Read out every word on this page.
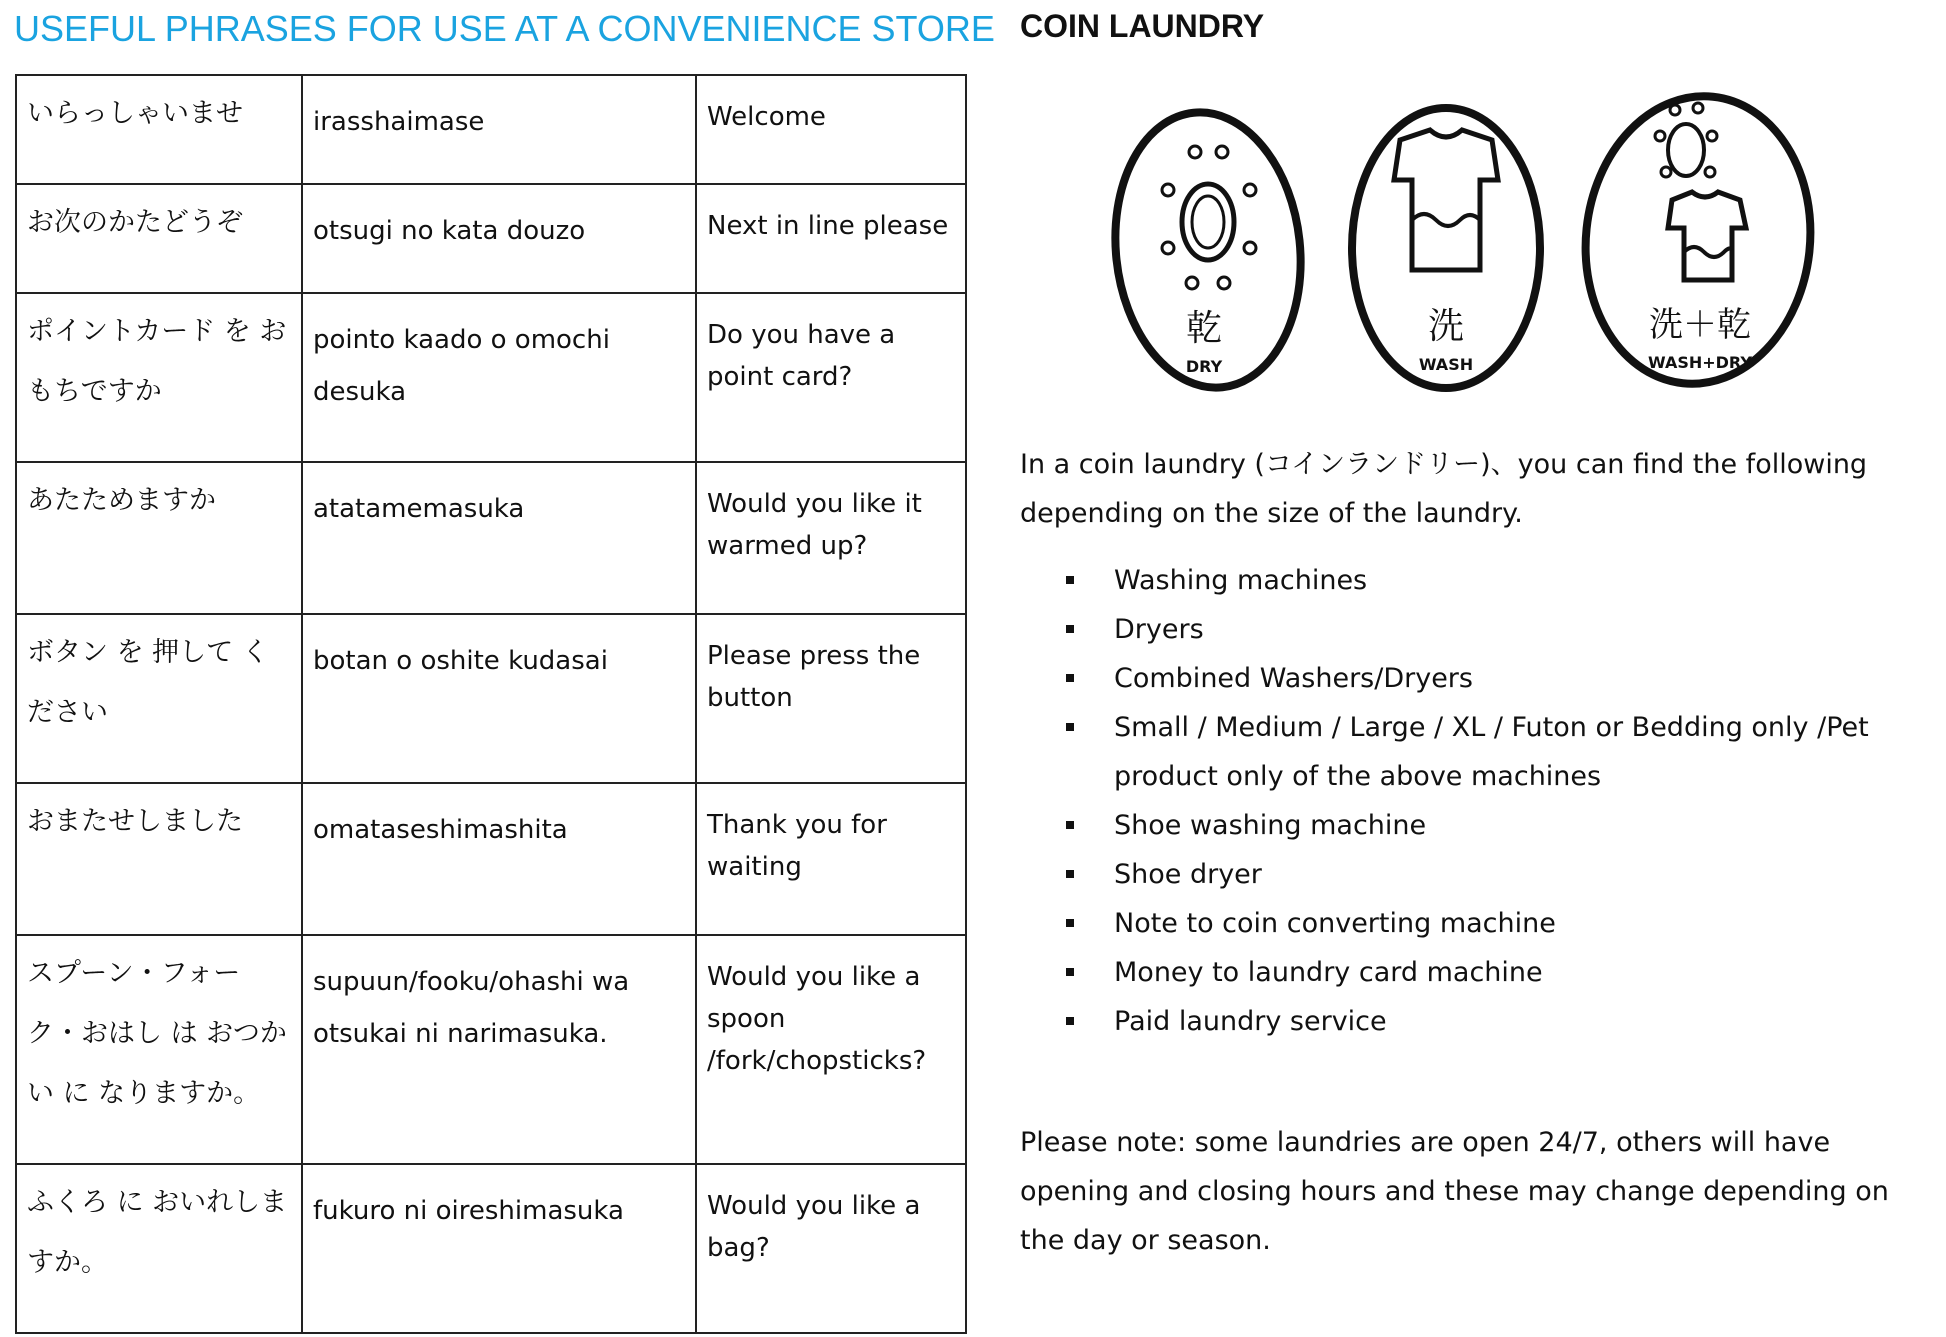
USEFUL PHRASES FOR USE AT A CONVENIENCE STORE
いらっしゃいませ	irasshaimase	Welcome
お次のかたどうぞ	otsugi no kata douzo	Next in line please
ポイントカード を おもちですか	pointo kaado o omochi desuka	Do you have a point card?
あたためますか	atatamemasuka	Would you like it warmed up?
ボタン を 押して ください	botan o oshite kudasai	Please press the button
おまたせしました	omataseshimashita	Thank you for waiting
スプーン・フォーク・おはし は おつかい に なりますか。	supuun/fooku/ohashi wa otsukai ni narimasuka.	Would you like a spoon /fork/chopsticks?
ふくろ に おいれしますか。	fukuro ni oireshimasuka	Would you like a bag?
COIN LAUNDRY
乾
DRY
洗
WASH
洗＋乾
WASH+DRY
In a coin laundry (コインランドリー)、you can find the following depending on the size of the laundry.
Washing machines
Dryers
Combined Washers/Dryers
Small / Medium / Large / XL / Futon or Bedding only /Pet product only of the above machines
Shoe washing machine
Shoe dryer
Note to coin converting machine
Money to laundry card machine
Paid laundry service
Please note: some laundries are open 24/7, others will have opening and closing hours and these may change depending on the day or season.
